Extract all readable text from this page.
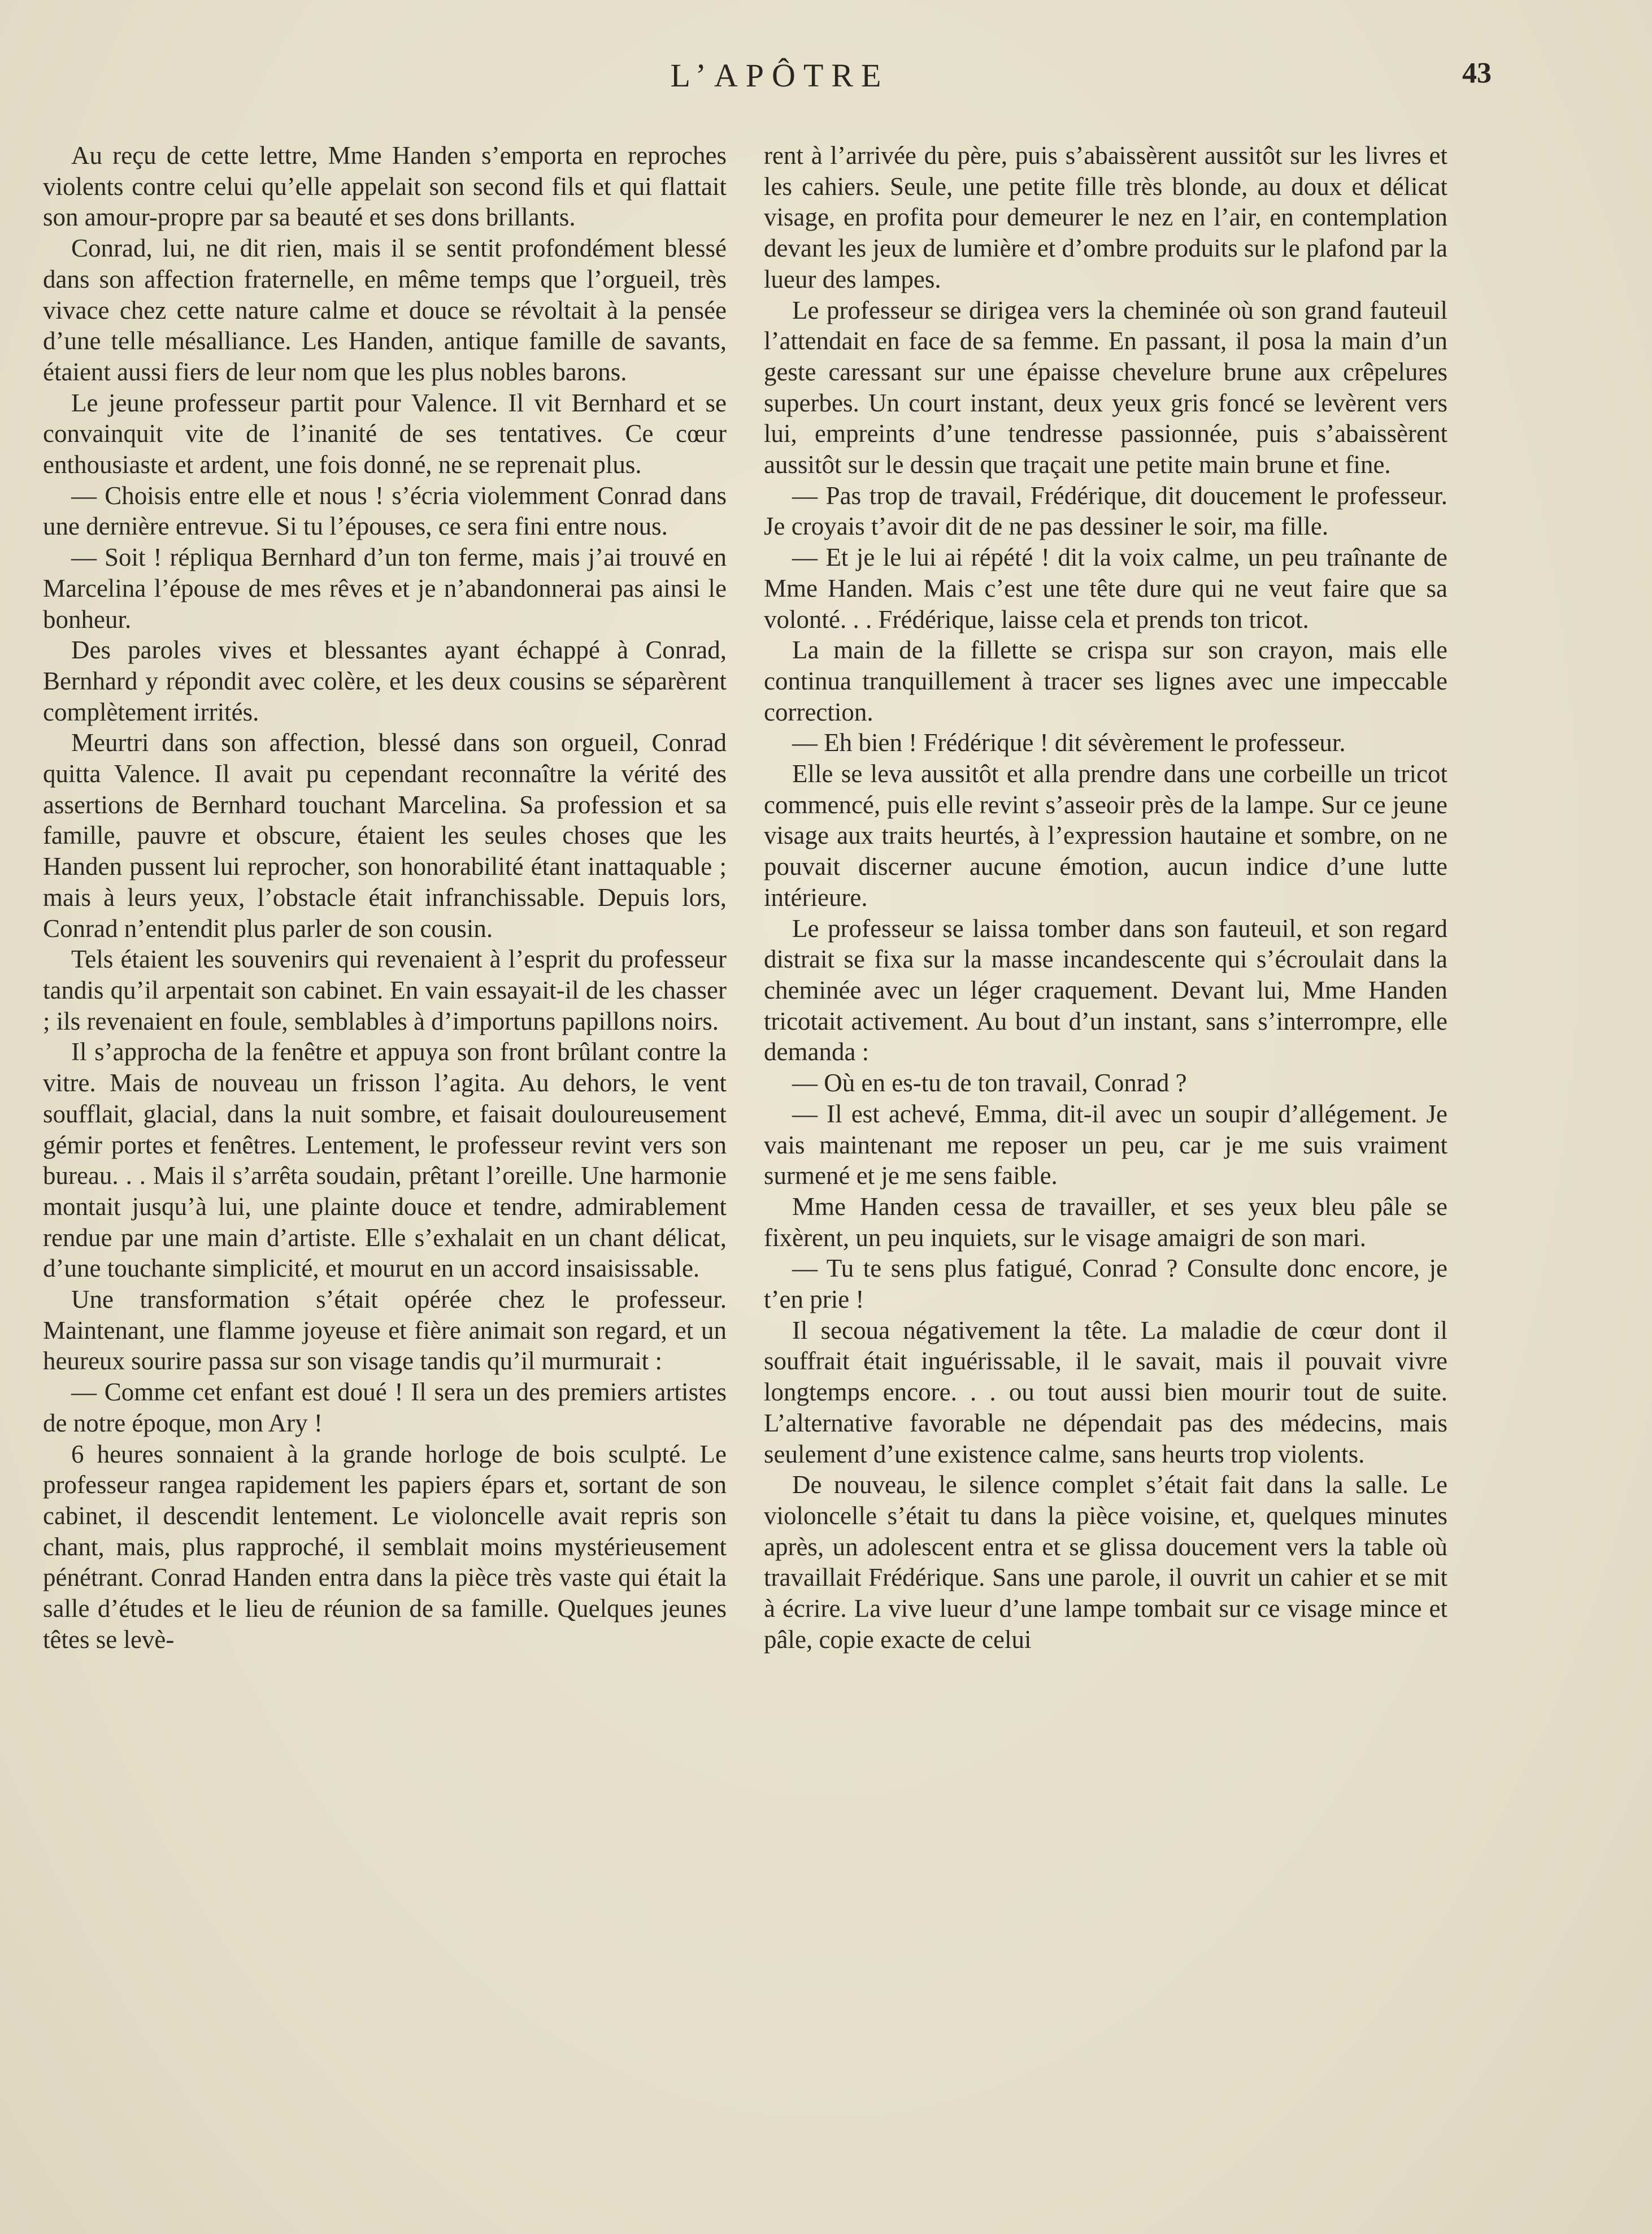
L’APÔTRE	43

Au reçu de cette lettre, Mme Handen s’emporta en reproches violents contre celui qu’elle appelait son second fils et qui flattait son amour-propre par sa beauté et ses dons brillants.

Conrad, lui, ne dit rien, mais il se sentit profondément blessé dans son affection fraternelle, en même temps que l’orgueil, très vivace chez cette nature calme et douce se révoltait à la pensée d’une telle mésalliance. Les Handen, antique famille de savants, étaient aussi fiers de leur nom que les plus nobles barons.

Le jeune professeur partit pour Valence. Il vit Bernhard et se convainquit vite de l’inanité de ses tentatives. Ce cœur enthousiaste et ardent, une fois donné, ne se reprenait plus.

— Choisis entre elle et nous ! s’écria violemment Conrad dans une dernière entrevue. Si tu l’épouses, ce sera fini entre nous.

— Soit ! répliqua Bernhard d’un ton ferme, mais j’ai trouvé en Marcelina l’épouse de mes rêves et je n’abandonnerai pas ainsi le bonheur.

Des paroles vives et blessantes ayant échappé à Conrad, Bernhard y répondit avec colère, et les deux cousins se séparèrent complètement irrités.

Meurtri dans son affection, blessé dans son orgueil, Conrad quitta Valence. Il avait pu cependant reconnaître la vérité des assertions de Bernhard touchant Marcelina. Sa profession et sa famille, pauvre et obscure, étaient les seules choses que les Handen pussent lui reprocher, son honorabilité étant inattaquable ; mais à leurs yeux, l’obstacle était infranchissable. Depuis lors, Conrad n’entendit plus parler de son cousin.

Tels étaient les souvenirs qui revenaient à l’esprit du professeur tandis qu’il arpentait son cabinet. En vain essayait-il de les chasser ; ils revenaient en foule, semblables à d’importuns papillons noirs.

Il s’approcha de la fenêtre et appuya son front brûlant contre la vitre. Mais de nouveau un frisson l’agita. Au dehors, le vent soufflait, glacial, dans la nuit sombre, et faisait douloureusement gémir portes et fenêtres. Lentement, le professeur revint vers son bureau. . . Mais il s’arrêta soudain, prêtant l’oreille. Une harmonie montait jusqu’à lui, une plainte douce et tendre, admirablement rendue par une main d’artiste. Elle s’exhalait en un chant délicat, d’une touchante simplicité, et mourut en un accord insaisissable.

Une transformation s’était opérée chez le professeur. Maintenant, une flamme joyeuse et fière animait son regard, et un heureux sourire passa sur son visage tandis qu’il murmurait :

— Comme cet enfant est doué ! Il sera un des premiers artistes de notre époque, mon Ary !

6 heures sonnaient à la grande horloge de bois sculpté. Le professeur rangea rapidement les papiers épars et, sortant de son cabinet, il descendit lentement. Le violoncelle avait repris son chant, mais, plus rapproché, il semblait moins mystérieusement pénétrant. Conrad Handen entra dans la pièce très vaste qui était la salle d’études et le lieu de réunion de sa famille. Quelques jeunes têtes se levè-

rent à l’arrivée du père, puis s’abaissèrent aussitôt sur les livres et les cahiers. Seule, une petite fille très blonde, au doux et délicat visage, en profita pour demeurer le nez en l’air, en contemplation devant les jeux de lumière et d’ombre produits sur le plafond par la lueur des lampes.

Le professeur se dirigea vers la cheminée où son grand fauteuil l’attendait en face de sa femme. En passant, il posa la main d’un geste caressant sur une épaisse chevelure brune aux crêpelures superbes. Un court instant, deux yeux gris foncé se levèrent vers lui, empreints d’une tendresse passionnée, puis s’abaissèrent aussitôt sur le dessin que traçait une petite main brune et fine.

— Pas trop de travail, Frédérique, dit doucement le professeur. Je croyais t’avoir dit de ne pas dessiner le soir, ma fille.

— Et je le lui ai répété ! dit la voix calme, un peu traînante de Mme Handen. Mais c’est une tête dure qui ne veut faire que sa volonté. . . Frédérique, laisse cela et prends ton tricot.

La main de la fillette se crispa sur son crayon, mais elle continua tranquillement à tracer ses lignes avec une impeccable correction.

— Eh bien ! Frédérique ! dit sévèrement le professeur.

Elle se leva aussitôt et alla prendre dans une corbeille un tricot commencé, puis elle revint s’asseoir près de la lampe. Sur ce jeune visage aux traits heurtés, à l’expression hautaine et sombre, on ne pouvait discerner aucune émotion, aucun indice d’une lutte intérieure.

Le professeur se laissa tomber dans son fauteuil, et son regard distrait se fixa sur la masse incandescente qui s’écroulait dans la cheminée avec un léger craquement. Devant lui, Mme Handen tricotait activement. Au bout d’un instant, sans s’interrompre, elle demanda :

— Où en es-tu de ton travail, Conrad ?

— Il est achevé, Emma, dit-il avec un soupir d’allégement. Je vais maintenant me reposer un peu, car je me suis vraiment surmené et je me sens faible.

Mme Handen cessa de travailler, et ses yeux bleu pâle se fixèrent, un peu inquiets, sur le visage amaigri de son mari.

— Tu te sens plus fatigué, Conrad ? Consulte donc encore, je t’en prie !

Il secoua négativement la tête. La maladie de cœur dont il souffrait était inguérissable, il le savait, mais il pouvait vivre longtemps encore. . . ou tout aussi bien mourir tout de suite. L’alternative favorable ne dépendait pas des médecins, mais seulement d’une existence calme, sans heurts trop violents.

De nouveau, le silence complet s’était fait dans la salle. Le violoncelle s’était tu dans la pièce voisine, et, quelques minutes après, un adolescent entra et se glissa doucement vers la table où travaillait Frédérique. Sans une parole, il ouvrit un cahier et se mit à écrire. La vive lueur d’une lampe tombait sur ce visage mince et pâle, copie exacte de celui
